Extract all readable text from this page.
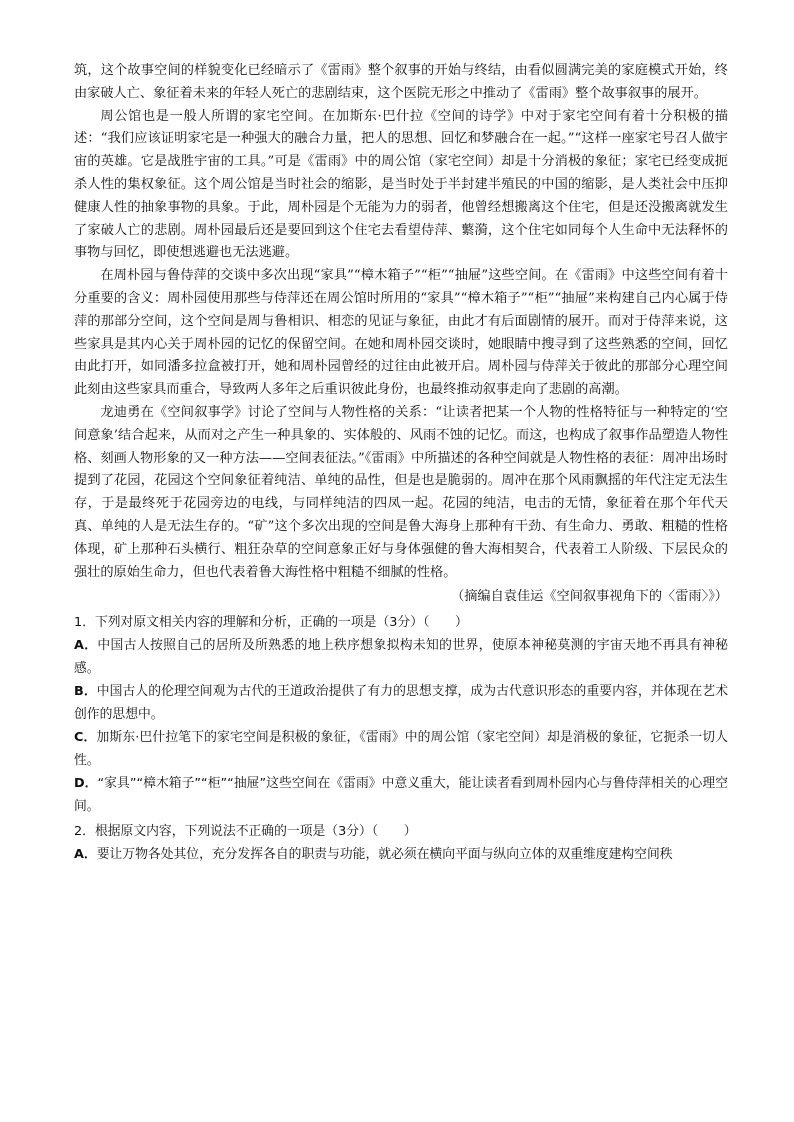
筑，这个故事空间的样貌变化已经暗示了《雷雨》整个叙事的开始与终结，由看似圆满完美的家庭模式开始，终由家破人亡、象征着未来的年轻人死亡的悲剧结束，这个医院无形之中推动了《雷雨》整个故事叙事的展开。

周公馆也是一般人所谓的家宅空间。在加斯东·巴什拉《空间的诗学》中对于家宅空间有着十分积极的描述：“我们应该证明家宅是一种强大的融合力量，把人的思想、回忆和梦融合在一起。”“这样一座家宅号召人做宇宙的英雄。它是战胜宇宙的工具。”可是《雷雨》中的周公馆（家宅空间）却是十分消极的象征；家宅已经变成扼杀人性的集权象征。这个周公馆是当时社会的缩影，是当时处于半封建半殖民的中国的缩影，是人类社会中压抑健康人性的抽象事物的具象。于此，周朴园是个无能为力的弱者，他曾经想搬离这个住宅，但是还没搬离就发生了家破人亡的悲剧。周朴园最后还是要回到这个住宅去看望侍萍、蘩漪，这个住宅如同每个人生命中无法释怀的事物与回忆，即使想逃避也无法逃避。

在周朴园与鲁侍萍的交谈中多次出现“家具”“樟木箱子”“柜”“抽屉”这些空间。在《雷雨》中这些空间有着十分重要的含义：周朴园使用那些与侍萍还在周公馆时所用的“家具”“樟木箱子”“柜”“抽屉”来构建自己内心属于侍萍的那部分空间，这个空间是周与鲁相识、相恋的见证与象征，由此才有后面剧情的展开。而对于侍萍来说，这些家具是其内心关于周朴园的记忆的保留空间。在她和周朴园交谈时，她眼睛中搜寻到了这些熟悉的空间，回忆由此打开，如同潘多拉盒被打开，她和周朴园曾经的过往由此被开启。周朴园与侍萍关于彼此的那部分心理空间此刻由这些家具而重合，导致两人多年之后重识彼此身份，也最终推动叙事走向了悲剧的高潮。

龙迪勇在《空间叙事学》讨论了空间与人物性格的关系：“让读者把某一个人物的性格特征与一种特定的‘空间意象’结合起来，从而对之产生一种具象的、实体般的、风雨不蚀的记忆。而这，也构成了叙事作品塑造人物性格、刻画人物形象的又一种方法——空间表征法。”《雷雨》中所描述的各种空间就是人物性格的表征：周冲出场时提到了花园，花园这个空间象征着纯洁、单纯的品性，但是也是脆弱的。周冲在那个风雨飘摇的年代注定无法生存，于是最终死于花园旁边的电线，与同样纯洁的四凤一起。花园的纯洁，电击的无情，象征着在那个年代天真、单纯的人是无法生存的。“矿”这个多次出现的空间是鲁大海身上那种有干劲、有生命力、勇敢、粗糙的性格体现，矿上那种石头横行、粗狂杂草的空间意象正好与身体强健的鲁大海相契合，代表着工人阶级、下层民众的强壮的原始生命力，但也代表着鲁大海性格中粗糙不细腻的性格。

（摘编自袁佳运《空间叙事视角下的〈雷雨〉》）

1．下列对原文相关内容的理解和分析，正确的一项是（3分）（　　）

A．中国古人按照自己的居所及所熟悉的地上秩序想象拟构未知的世界，使原本神秘莫测的宇宙天地不再具有神秘感。

B．中国古人的伦理空间观为古代的王道政治提供了有力的思想支撑，成为古代意识形态的重要内容，并体现在艺术创作的思想中。

C．加斯东·巴什拉笔下的家宅空间是积极的象征，《雷雨》中的周公馆（家宅空间）却是消极的象征，它扼杀一切人性。

D．“家具”“樟木箱子”“柜”“抽屉”这些空间在《雷雨》中意义重大，能让读者看到周朴园内心与鲁侍萍相关的心理空间。

2．根据原文内容，下列说法不正确的一项是（3分）（　　）

A．要让万物各处其位，充分发挥各自的职责与功能，就必须在横向平面与纵向立体的双重维度建构空间秩
